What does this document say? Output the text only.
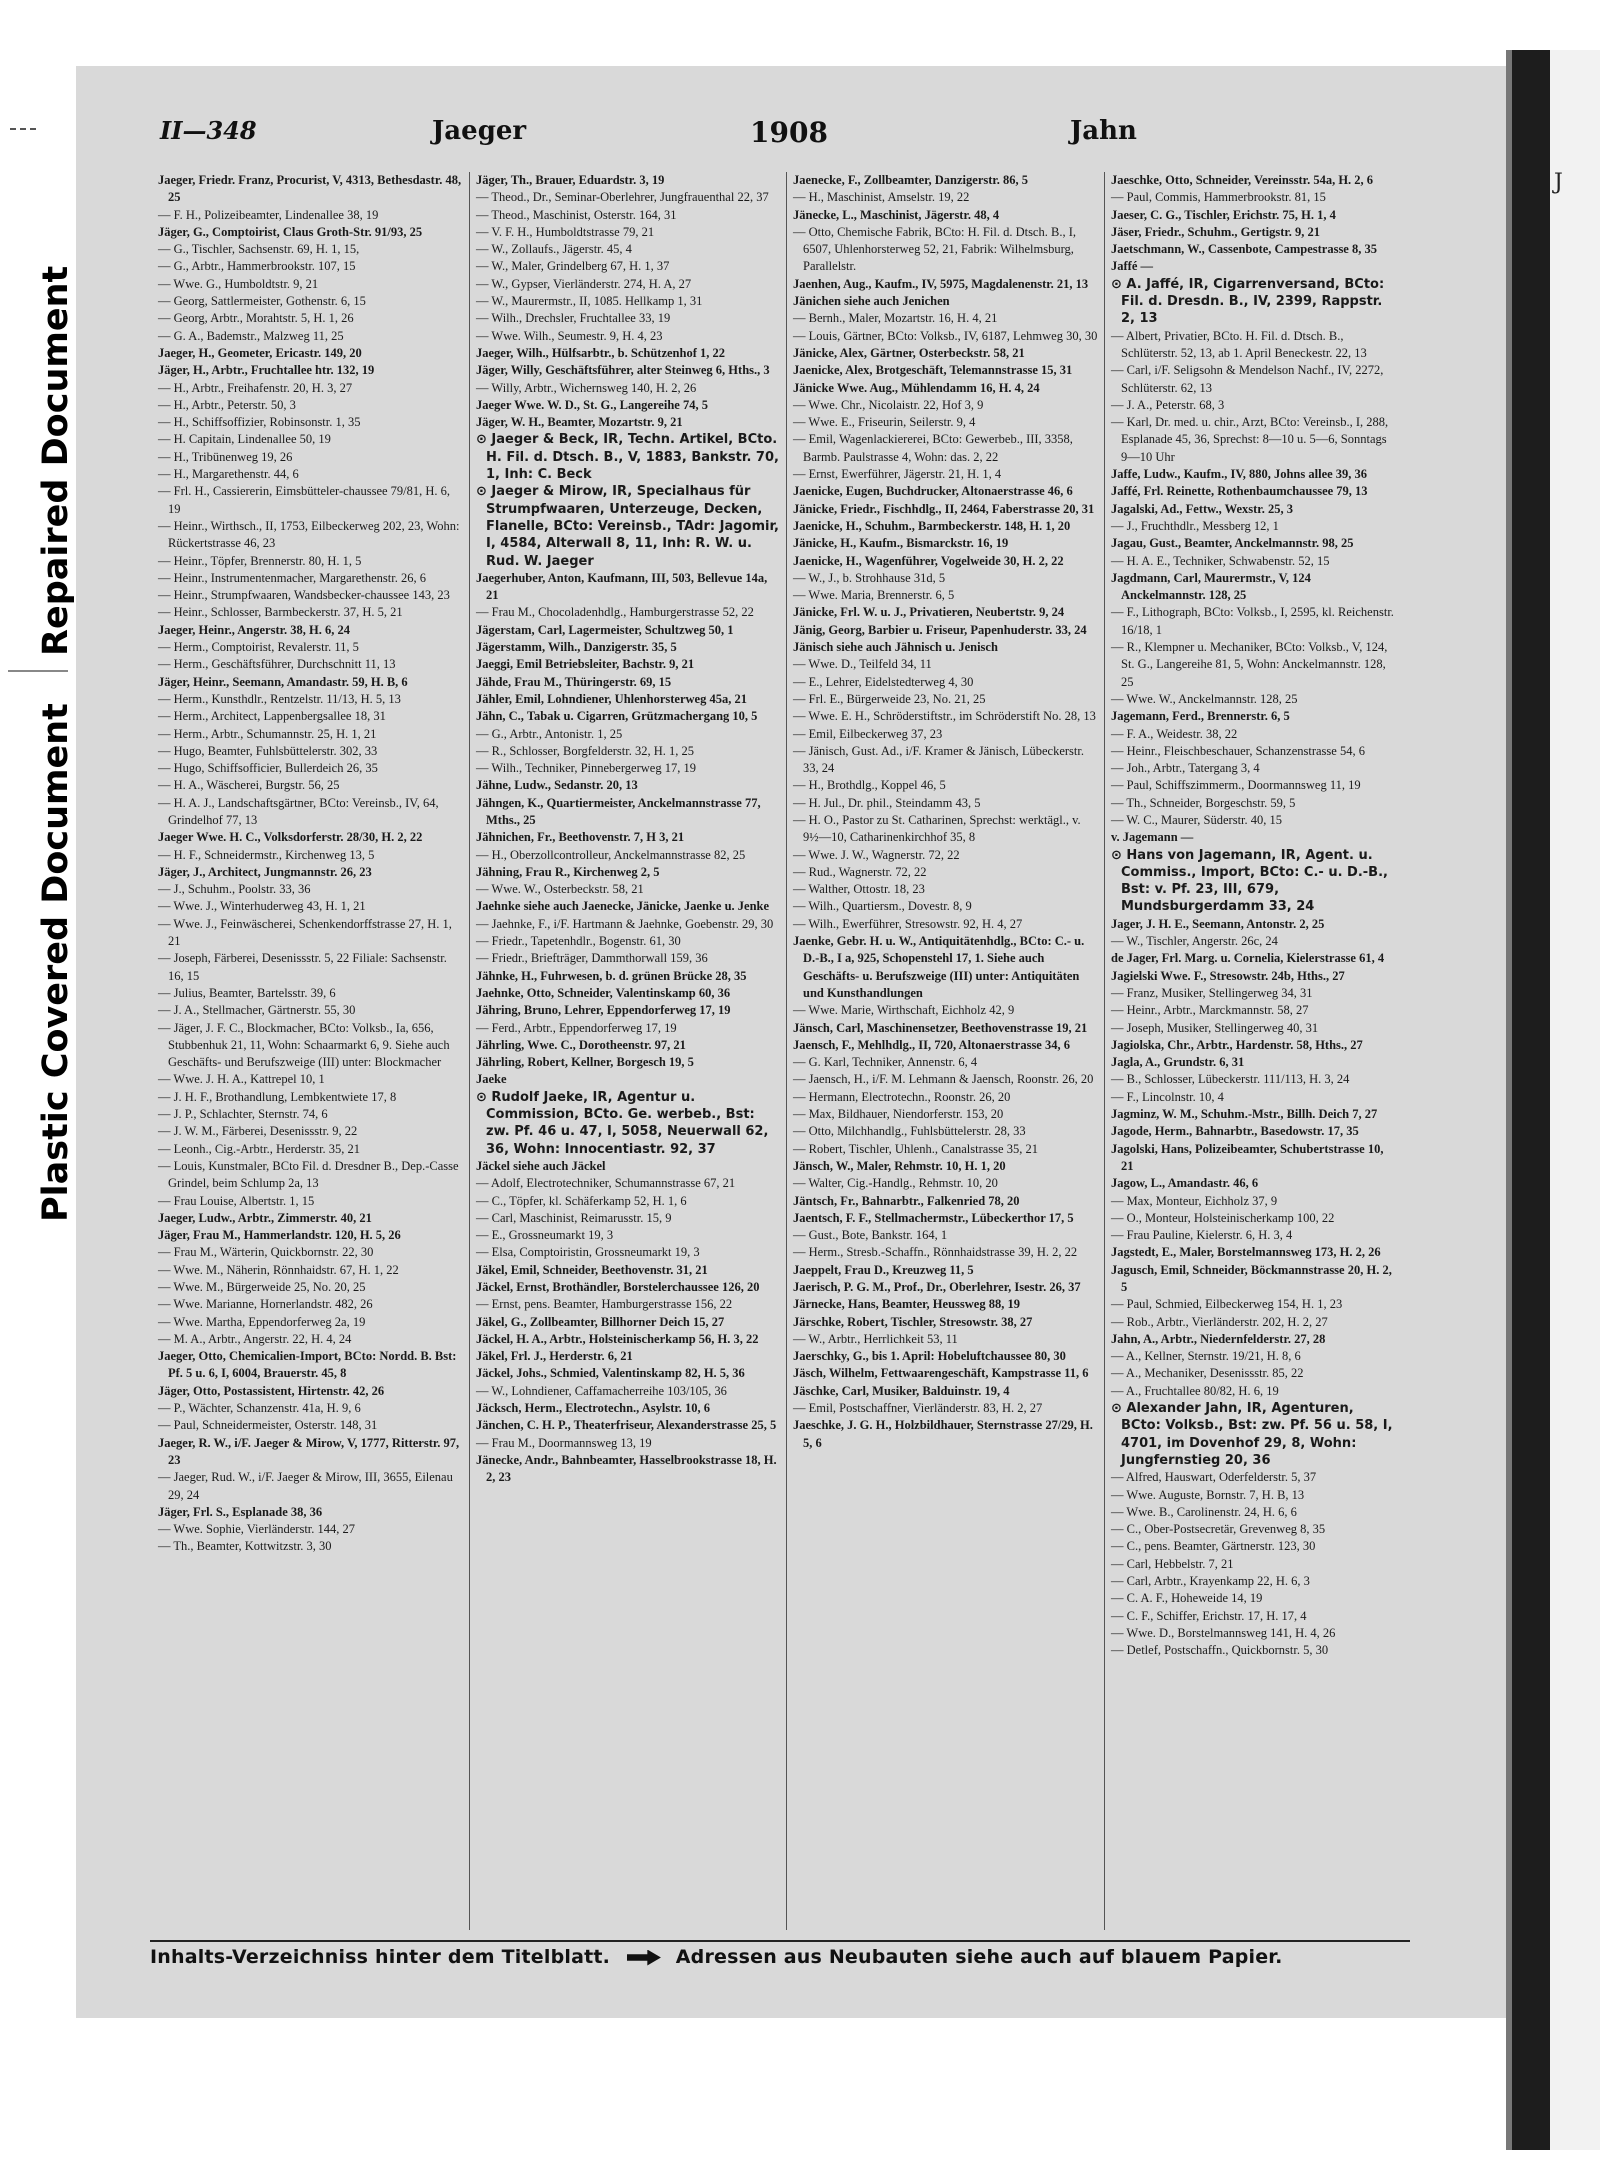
Repaired Document
Plastic Covered Document
J
II—348	Jaeger	1908	Jahn
Jaeger, Friedr. Franz, Procurist, V, 4313, Bethesdastr. 48, 25
— F. H., Polizeibeamter, Lindenallee 38, 19
Jäger, G., Comptoirist, Claus Groth-Str. 91/93, 25
— G., Tischler, Sachsenstr. 69, H. 1, 15,
— G., Arbtr., Hammerbrookstr. 107, 15
— Wwe. G., Humboldtstr. 9, 21
— Georg, Sattlermeister, Gothenstr. 6, 15
— Georg, Arbtr., Morahtstr. 5, H. 1, 26
— G. A., Bademstr., Malzweg 11, 25
Jaeger, H., Geometer, Ericastr. 149, 20
Jäger, H., Arbtr., Fruchtallee htr. 132, 19
— H., Arbtr., Freihafenstr. 20, H. 3, 27
— H., Arbtr., Peterstr. 50, 3
— H., Schiffsoffizier, Robinsonstr. 1, 35
— H. Capitain, Lindenallee 50, 19
— H., Tribünenweg 19, 26
— H., Margarethenstr. 44, 6
— Frl. H., Cassiererin, Eimsbütteler-chaussee 79/81, H. 6, 19
— Heinr., Wirthsch., II, 1753, Eilbeckerweg 202, 23, Wohn: Rückertstrasse 46, 23
— Heinr., Töpfer, Brennerstr. 80, H. 1, 5
— Heinr., Instrumentenmacher, Margarethenstr. 26, 6
— Heinr., Strumpfwaaren, Wandsbecker-chaussee 143, 23
— Heinr., Schlosser, Barmbeckerstr. 37, H. 5, 21
Jaeger, Heinr., Angerstr. 38, H. 6, 24
— Herm., Comptoirist, Revalerstr. 11, 5
— Herm., Geschäftsführer, Durchschnitt 11, 13
Jäger, Heinr., Seemann, Amandastr. 59, H. B, 6
— Herm., Kunsthdlr., Rentzelstr. 11/13, H. 5, 13
— Herm., Architect, Lappenbergsallee 18, 31
— Herm., Arbtr., Schumannstr. 25, H. 1, 21
— Hugo, Beamter, Fuhlsbüttelerstr. 302, 33
— Hugo, Schiffsofficier, Bullerdeich 26, 35
— H. A., Wäscherei, Burgstr. 56, 25
— H. A. J., Landschaftsgärtner, BCto: Vereinsb., IV, 64, Grindelhof 77, 13
Jaeger Wwe. H. C., Volksdorferstr. 28/30, H. 2, 22
— H. F., Schneidermstr., Kirchenweg 13, 5
Jäger, J., Architect, Jungmannstr. 26, 23
— J., Schuhm., Poolstr. 33, 36
— Wwe. J., Winterhuderweg 43, H. 1, 21
— Wwe. J., Feinwäscherei, Schenkendorffstrasse 27, H. 1, 21
— Joseph, Färberei, Desenissstr. 5, 22 Filiale: Sachsenstr. 16, 15
— Julius, Beamter, Bartelsstr. 39, 6
— J. A., Stellmacher, Gärtnerstr. 55, 30
— Jäger, J. F. C., Blockmacher, BCto: Volksb., Ia, 656, Stubbenhuk 21, 11, Wohn: Schaarmarkt 6, 9. Siehe auch Geschäfts- und Berufszweige (III) unter: Blockmacher
— Wwe. J. H. A., Kattrepel 10, 1
— J. H. F., Brothandlung, Lembkentwiete 17, 8
— J. P., Schlachter, Sternstr. 74, 6
— J. W. M., Färberei, Desenissstr. 9, 22
— Leonh., Cig.-Arbtr., Herderstr. 35, 21
— Louis, Kunstmaler, BCto Fil. d. Dresdner B., Dep.-Casse Grindel, beim Schlump 2a, 13
— Frau Louise, Albertstr. 1, 15
Jaeger, Ludw., Arbtr., Zimmerstr. 40, 21
Jäger, Frau M., Hammerlandstr. 120, H. 5, 26
— Frau M., Wärterin, Quickbornstr. 22, 30
— Wwe. M., Näherin, Rönnhaidstr. 67, H. 1, 22
— Wwe. M., Bürgerweide 25, No. 20, 25
— Wwe. Marianne, Hornerlandstr. 482, 26
— Wwe. Martha, Eppendorferweg 2a, 19
— M. A., Arbtr., Angerstr. 22, H. 4, 24
Jaeger, Otto, Chemicalien-Import, BCto: Nordd. B. Bst: Pf. 5 u. 6, I, 6004, Brauerstr. 45, 8
Jäger, Otto, Postassistent, Hirtenstr. 42, 26
— P., Wächter, Schanzenstr. 41a, H. 9, 6
— Paul, Schneidermeister, Osterstr. 148, 31
Jaeger, R. W., i/F. Jaeger & Mirow, V, 1777, Ritterstr. 97, 23
— Jaeger, Rud. W., i/F. Jaeger & Mirow, III, 3655, Eilenau 29, 24
Jäger, Frl. S., Esplanade 38, 36
— Wwe. Sophie, Vierländerstr. 144, 27
— Th., Beamter, Kottwitzstr. 3, 30
Jäger, Th., Brauer, Eduardstr. 3, 19
— Theod., Dr., Seminar-Oberlehrer, Jungfrauenthal 22, 37
— Theod., Maschinist, Osterstr. 164, 31
— V. F. H., Humboldtstrasse 79, 21
— W., Zollaufs., Jägerstr. 45, 4
— W., Maler, Grindelberg 67, H. 1, 37
— W., Gypser, Vierländerstr. 274, H. A, 27
— W., Maurermstr., II, 1085. Hellkamp 1, 31
— Wilh., Drechsler, Fruchtallee 33, 19
— Wwe. Wilh., Seumestr. 9, H. 4, 23
Jaeger, Wilh., Hülfsarbtr., b. Schützenhof 1, 22
Jäger, Willy, Geschäftsführer, alter Steinweg 6, Hths., 3
— Willy, Arbtr., Wichernsweg 140, H. 2, 26
Jaeger Wwe. W. D., St. G., Langereihe 74, 5
Jäger, W. H., Beamter, Mozartstr. 9, 21
⊙ Jaeger & Beck, IR, Techn. Artikel, BCto. H. Fil. d. Dtsch. B., V, 1883, Bankstr. 70, 1, Inh: C. Beck
⊙ Jaeger & Mirow, IR, Specialhaus für Strumpfwaaren, Unterzeuge, Decken, Flanelle, BCto: Vereinsb., TAdr: Jagomir, I, 4584, Alterwall 8, 11, Inh: R. W. u. Rud. W. Jaeger
Jaegerhuber, Anton, Kaufmann, III, 503, Bellevue 14a, 21
— Frau M., Chocoladenhdlg., Hamburgerstrasse 52, 22
Jägerstam, Carl, Lagermeister, Schultzweg 50, 1
Jägerstamm, Wilh., Danzigerstr. 35, 5
Jaeggi, Emil Betriebsleiter, Bachstr. 9, 21
Jähde, Frau M., Thüringerstr. 69, 15
Jähler, Emil, Lohndiener, Uhlenhorsterweg 45a, 21
Jähn, C., Tabak u. Cigarren, Grützmachergang 10, 5
— G., Arbtr., Antonistr. 1, 25
— R., Schlosser, Borgfelderstr. 32, H. 1, 25
— Wilh., Techniker, Pinnebergerweg 17, 19
Jähne, Ludw., Sedanstr. 20, 13
Jähngen, K., Quartiermeister, Anckelmannstrasse 77, Mths., 25
Jähnichen, Fr., Beethovenstr. 7, H 3, 21
— H., Oberzollcontrolleur, Anckelmannstrasse 82, 25
Jähning, Frau R., Kirchenweg 2, 5
— Wwe. W., Osterbeckstr. 58, 21
Jaehnke siehe auch Jaenecke, Jänicke, Jaenke u. Jenke
— Jaehnke, F., i/F. Hartmann & Jaehnke, Goebenstr. 29, 30
— Friedr., Tapetenhdlr., Bogenstr. 61, 30
— Friedr., Briefträger, Dammthorwall 159, 36
Jähnke, H., Fuhrwesen, b. d. grünen Brücke 28, 35
Jaehnke, Otto, Schneider, Valentinskamp 60, 36
Jähring, Bruno, Lehrer, Eppendorferweg 17, 19
— Ferd., Arbtr., Eppendorferweg 17, 19
Jährling, Wwe. C., Dorotheenstr. 97, 21
Jährling, Robert, Kellner, Borgesch 19, 5
Jaeke
⊙ Rudolf Jaeke, IR, Agentur u. Commission, BCto. Ge. werbeb., Bst: zw. Pf. 46 u. 47, I, 5058, Neuerwall 62, 36, Wohn: Innocentiastr. 92, 37
Jäckel siehe auch Jäckel
— Adolf, Electrotechniker, Schumannstrasse 67, 21
— C., Töpfer, kl. Schäferkamp 52, H. 1, 6
— Carl, Maschinist, Reimarusstr. 15, 9
— E., Grossneumarkt 19, 3
— Elsa, Comptoiristin, Grossneumarkt 19, 3
Jäkel, Emil, Schneider, Beethovenstr. 31, 21
Jäckel, Ernst, Brothändler, Borstelerchaussee 126, 20
— Ernst, pens. Beamter, Hamburgerstrasse 156, 22
Jäkel, G., Zollbeamter, Billhorner Deich 15, 27
Jäckel, H. A., Arbtr., Holsteinischerkamp 56, H. 3, 22
Jäkel, Frl. J., Herderstr. 6, 21
Jäckel, Johs., Schmied, Valentinskamp 82, H. 5, 36
— W., Lohndiener, Caffamacherreihe 103/105, 36
Jäcksch, Herm., Electrotechn., Asylstr. 10, 6
Jänchen, C. H. P., Theaterfriseur, Alexanderstrasse 25, 5
— Frau M., Doormannsweg 13, 19
Jänecke, Andr., Bahnbeamter, Hasselbrookstrasse 18, H. 2, 23
Jaenecke, F., Zollbeamter, Danzigerstr. 86, 5
— H., Maschinist, Amselstr. 19, 22
Jänecke, L., Maschinist, Jägerstr. 48, 4
— Otto, Chemische Fabrik, BCto: H. Fil. d. Dtsch. B., I, 6507, Uhlenhorsterweg 52, 21, Fabrik: Wilhelmsburg, Parallelstr.
Jaenhen, Aug., Kaufm., IV, 5975, Magdalenenstr. 21, 13
Jänichen siehe auch Jenichen
— Bernh., Maler, Mozartstr. 16, H. 4, 21
— Louis, Gärtner, BCto: Volksb., IV, 6187, Lehmweg 30, 30
Jänicke, Alex, Gärtner, Osterbeckstr. 58, 21
Jaenicke, Alex, Brotgeschäft, Telemannstrasse 15, 31
Jänicke Wwe. Aug., Mühlendamm 16, H. 4, 24
— Wwe. Chr., Nicolaistr. 22, Hof 3, 9
— Wwe. E., Friseurin, Seilerstr. 9, 4
— Emil, Wagenlackiererei, BCto: Gewerbeb., III, 3358, Barmb. Paulstrasse 4, Wohn: das. 2, 22
— Ernst, Ewerführer, Jägerstr. 21, H. 1, 4
Jaenicke, Eugen, Buchdrucker, Altonaerstrasse 46, 6
Jänicke, Friedr., Fischhdlg., II, 2464, Faberstrasse 20, 31
Jaenicke, H., Schuhm., Barmbeckerstr. 148, H. 1, 20
Jänicke, H., Kaufm., Bismarckstr. 16, 19
Jaenicke, H., Wagenführer, Vogelweide 30, H. 2, 22
— W., J., b. Strohhause 31d, 5
— Wwe. Maria, Brennerstr. 6, 5
Jänicke, Frl. W. u. J., Privatieren, Neubertstr. 9, 24
Jänig, Georg, Barbier u. Friseur, Papenhuderstr. 33, 24
Jänisch siehe auch Jähnisch u. Jenisch
— Wwe. D., Teilfeld 34, 11
— E., Lehrer, Eidelstedterweg 4, 30
— Frl. E., Bürgerweide 23, No. 21, 25
— Wwe. E. H., Schröderstiftstr., im Schröderstift No. 28, 13
— Emil, Eilbeckerweg 37, 23
— Jänisch, Gust. Ad., i/F. Kramer & Jänisch, Lübeckerstr. 33, 24
— H., Brothdlg., Koppel 46, 5
— H. Jul., Dr. phil., Steindamm 43, 5
— H. O., Pastor zu St. Catharinen, Sprechst: werktägl., v. 9½—10, Catharinenkirchhof 35, 8
— Wwe. J. W., Wagnerstr. 72, 22
— Rud., Wagnerstr. 72, 22
— Walther, Ottostr. 18, 23
— Wilh., Quartiersm., Dovestr. 8, 9
— Wilh., Ewerführer, Stresowstr. 92, H. 4, 27
Jaenke, Gebr. H. u. W., Antiquitätenhdlg., BCto: C.- u. D.-B., I a, 925, Schopenstehl 17, 1. Siehe auch Geschäfts- u. Berufszweige (III) unter: Antiquitäten und Kunsthandlungen
— Wwe. Marie, Wirthschaft, Eichholz 42, 9
Jänsch, Carl, Maschinensetzer, Beethovenstrasse 19, 21
Jaensch, F., Mehlhdlg., II, 720, Altonaerstrasse 34, 6
— G. Karl, Techniker, Annenstr. 6, 4
— Jaensch, H., i/F. M. Lehmann & Jaensch, Roonstr. 26, 20
— Hermann, Electrotechn., Roonstr. 26, 20
— Max, Bildhauer, Niendorferstr. 153, 20
— Otto, Milchhandlg., Fuhlsbüttelerstr. 28, 33
— Robert, Tischler, Uhlenh., Canalstrasse 35, 21
Jänsch, W., Maler, Rehmstr. 10, H. 1, 20
— Walter, Cig.-Handlg., Rehmstr. 10, 20
Jäntsch, Fr., Bahnarbtr., Falkenried 78, 20
Jaentsch, F. F., Stellmachermstr., Lübeckerthor 17, 5
— Gust., Bote, Bankstr. 164, 1
— Herm., Stresb.-Schaffn., Rönnhaidstrasse 39, H. 2, 22
Jaeppelt, Frau D., Kreuzweg 11, 5
Jaerisch, P. G. M., Prof., Dr., Oberlehrer, Isestr. 26, 37
Järnecke, Hans, Beamter, Heussweg 88, 19
Järschke, Robert, Tischler, Stresowstr. 38, 27
— W., Arbtr., Herrlichkeit 53, 11
Jaerschky, G., bis 1. April: Hobeluftchaussee 80, 30
Jäsch, Wilhelm, Fettwaarengeschäft, Kampstrasse 11, 6
Jäschke, Carl, Musiker, Balduinstr. 19, 4
— Emil, Postschaffner, Vierländerstr. 83, H. 2, 27
Jaeschke, J. G. H., Holzbildhauer, Sternstrasse 27/29, H. 5, 6
Jaeschke, Otto, Schneider, Vereinsstr. 54a, H. 2, 6
— Paul, Commis, Hammerbrookstr. 81, 15
Jaeser, C. G., Tischler, Erichstr. 75, H. 1, 4
Jäser, Friedr., Schuhm., Gertigstr. 9, 21
Jaetschmann, W., Cassenbote, Campestrasse 8, 35
Jaffé —
⊙ A. Jaffé, IR, Cigarrenversand, BCto: Fil. d. Dresdn. B., IV, 2399, Rappstr. 2, 13
— Albert, Privatier, BCto. H. Fil. d. Dtsch. B., Schlüterstr. 52, 13, ab 1. April Beneckestr. 22, 13
— Carl, i/F. Seligsohn & Mendelson Nachf., IV, 2272, Schlüterstr. 62, 13
— J. A., Peterstr. 68, 3
— Karl, Dr. med. u. chir., Arzt, BCto: Vereinsb., I, 288, Esplanade 45, 36, Sprechst: 8—10 u. 5—6, Sonntags 9—10 Uhr
Jaffe, Ludw., Kaufm., IV, 880, Johns allee 39, 36
Jaffé, Frl. Reinette, Rothenbaumchaussee 79, 13
Jagalski, Ad., Fettw., Wexstr. 25, 3
— J., Fruchthdlr., Messberg 12, 1
Jagau, Gust., Beamter, Anckelmannstr. 98, 25
— H. A. E., Techniker, Schwabenstr. 52, 15
Jagdmann, Carl, Maurermstr., V, 124 Anckelmannstr. 128, 25
— F., Lithograph, BCto: Volksb., I, 2595, kl. Reichenstr. 16/18, 1
— R., Klempner u. Mechaniker, BCto: Volksb., V, 124, St. G., Langereihe 81, 5, Wohn: Anckelmannstr. 128, 25
— Wwe. W., Anckelmannstr. 128, 25
Jagemann, Ferd., Brennerstr. 6, 5
— F. A., Weidestr. 38, 22
— Heinr., Fleischbeschauer, Schanzenstrasse 54, 6
— Joh., Arbtr., Tatergang 3, 4
— Paul, Schiffszimmerm., Doormannsweg 11, 19
— Th., Schneider, Borgeschstr. 59, 5
— W. C., Maurer, Süderstr. 40, 15
v. Jagemann —
⊙ Hans von Jagemann, IR, Agent. u. Commiss., Import, BCto: C.- u. D.-B., Bst: v. Pf. 23, III, 679, Mundsburgerdamm 33, 24
Jager, J. H. E., Seemann, Antonstr. 2, 25
— W., Tischler, Angerstr. 26c, 24
de Jager, Frl. Marg. u. Cornelia, Kielerstrasse 61, 4
Jagielski Wwe. F., Stresowstr. 24b, Hths., 27
— Franz, Musiker, Stellingerweg 34, 31
— Heinr., Arbtr., Marckmannstr. 58, 27
— Joseph, Musiker, Stellingerweg 40, 31
Jagiolska, Chr., Arbtr., Hardenstr. 58, Hths., 27
Jagla, A., Grundstr. 6, 31
— B., Schlosser, Lübeckerstr. 111/113, H. 3, 24
— F., Lincolnstr. 10, 4
Jagminz, W. M., Schuhm.-Mstr., Billh. Deich 7, 27
Jagode, Herm., Bahnarbtr., Basedowstr. 17, 35
Jagolski, Hans, Polizeibeamter, Schubertstrasse 10, 21
Jagow, L., Amandastr. 46, 6
— Max, Monteur, Eichholz 37, 9
— O., Monteur, Holsteinischerkamp 100, 22
— Frau Pauline, Kielerstr. 6, H. 3, 4
Jagstedt, E., Maler, Borstelmannsweg 173, H. 2, 26
Jagusch, Emil, Schneider, Böckmannstrasse 20, H. 2, 5
— Paul, Schmied, Eilbeckerweg 154, H. 1, 23
— Rob., Arbtr., Vierländerstr. 202, H. 2, 27
Jahn, A., Arbtr., Niedernfelderstr. 27, 28
— A., Kellner, Sternstr. 19/21, H. 8, 6
— A., Mechaniker, Desenissstr. 85, 22
— A., Fruchtallee 80/82, H. 6, 19
⊙ Alexander Jahn, IR, Agenturen, BCto: Volksb., Bst: zw. Pf. 56 u. 58, I, 4701, im Dovenhof 29, 8, Wohn: Jungfernstieg 20, 36
— Alfred, Hauswart, Oderfelderstr. 5, 37
— Wwe. Auguste, Bornstr. 7, H. B, 13
— Wwe. B., Carolinenstr. 24, H. 6, 6
— C., Ober-Postsecretär, Grevenweg 8, 35
— C., pens. Beamter, Gärtnerstr. 123, 30
— Carl, Hebbelstr. 7, 21
— Carl, Arbtr., Krayenkamp 22, H. 6, 3
— C. A. F., Hoheweide 14, 19
— C. F., Schiffer, Erichstr. 17, H. 17, 4
— Wwe. D., Borstelmannsweg 141, H. 4, 26
— Detlef, Postschaffn., Quickbornstr. 5, 30
Inhalts-Verzeichniss hinter dem Titelblatt.	Adressen aus Neubauten siehe auch auf blauem Papier.
